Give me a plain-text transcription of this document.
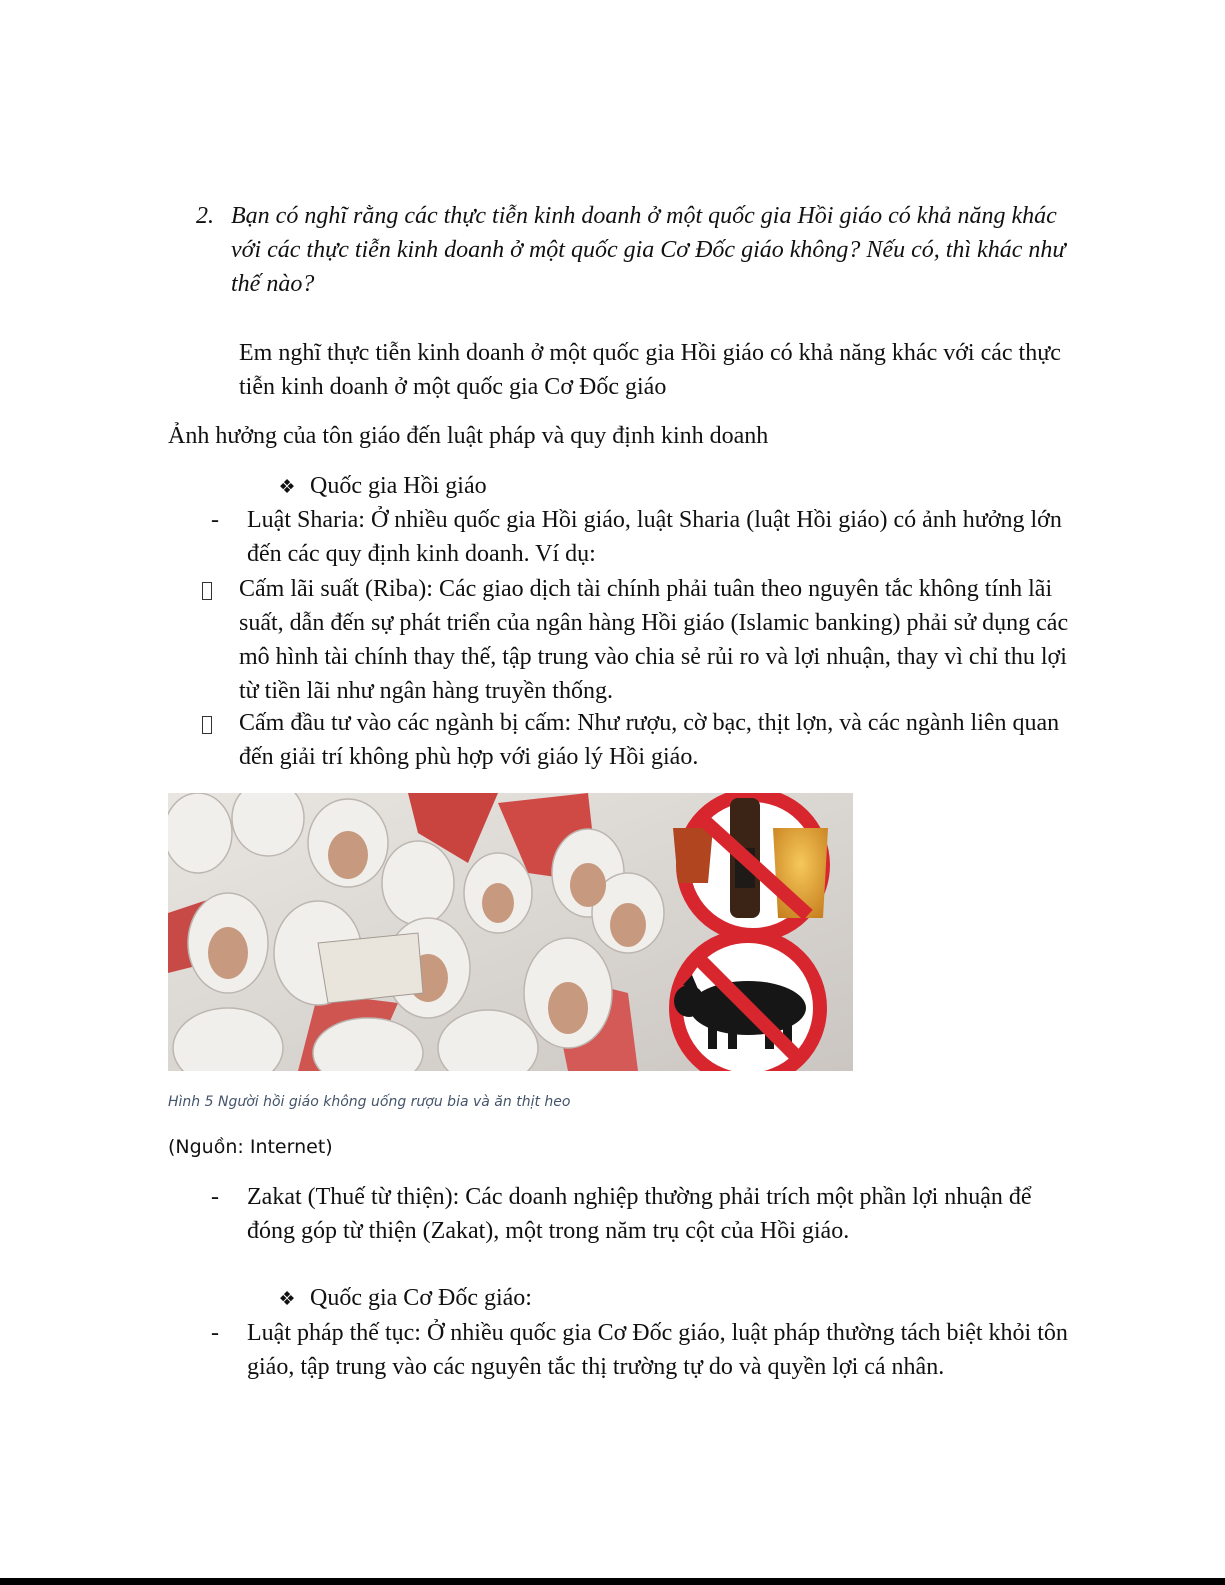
2. Bạn có nghĩ rằng các thực tiễn kinh doanh ở một quốc gia Hồi giáo có khả năng khác với các thực tiễn kinh doanh ở một quốc gia Cơ Đốc giáo không? Nếu có, thì khác như thế nào?
Em nghĩ thực tiễn kinh doanh ở một quốc gia Hồi giáo có khả năng khác với các thực tiễn kinh doanh ở một quốc gia Cơ Đốc giáo
Ảnh hưởng của tôn giáo đến luật pháp và quy định kinh doanh
❖ Quốc gia Hồi giáo
- Luật Sharia: Ở nhiều quốc gia Hồi giáo, luật Sharia (luật Hồi giáo) có ảnh hưởng lớn đến các quy định kinh doanh. Ví dụ:
Cấm lãi suất (Riba): Các giao dịch tài chính phải tuân theo nguyên tắc không tính lãi suất, dẫn đến sự phát triển của ngân hàng Hồi giáo (Islamic banking) phải sử dụng các mô hình tài chính thay thế, tập trung vào chia sẻ rủi ro và lợi nhuận, thay vì chỉ thu lợi từ tiền lãi như ngân hàng truyền thống.
Cấm đầu tư vào các ngành bị cấm: Như rượu, cờ bạc, thịt lợn, và các ngành liên quan đến giải trí không phù hợp với giáo lý Hồi giáo.
Hình 5 Người hồi giáo không uống rượu bia và ăn thịt heo
(Nguồn: Internet)
- Zakat (Thuế từ thiện): Các doanh nghiệp thường phải trích một phần lợi nhuận để đóng góp từ thiện (Zakat), một trong năm trụ cột của Hồi giáo.
❖ Quốc gia Cơ Đốc giáo:
- Luật pháp thế tục: Ở nhiều quốc gia Cơ Đốc giáo, luật pháp thường tách biệt khỏi tôn giáo, tập trung vào các nguyên tắc thị trường tự do và quyền lợi cá nhân.
